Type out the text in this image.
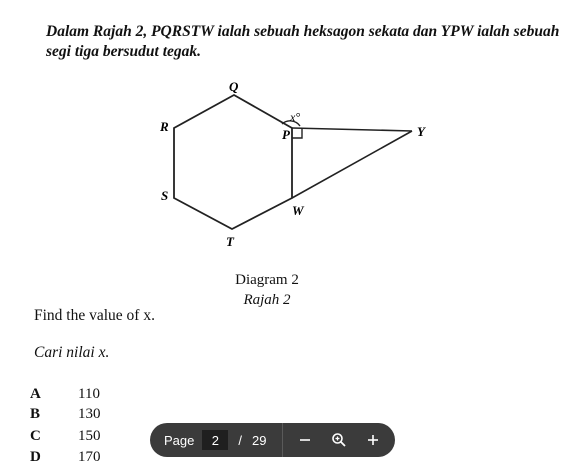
Dalam Rajah 2, PQRSTW ialah sebuah heksagon sekata dan YPW ialah sebuah
segi tiga bersudut tegak.
Q
R
S
T
W
P	Y
x°
Diagram 2
Rajah 2
Find the value of x.
Cari nilai x.
A	110
B	130
C	150
D	170
Page	2	/ 29
